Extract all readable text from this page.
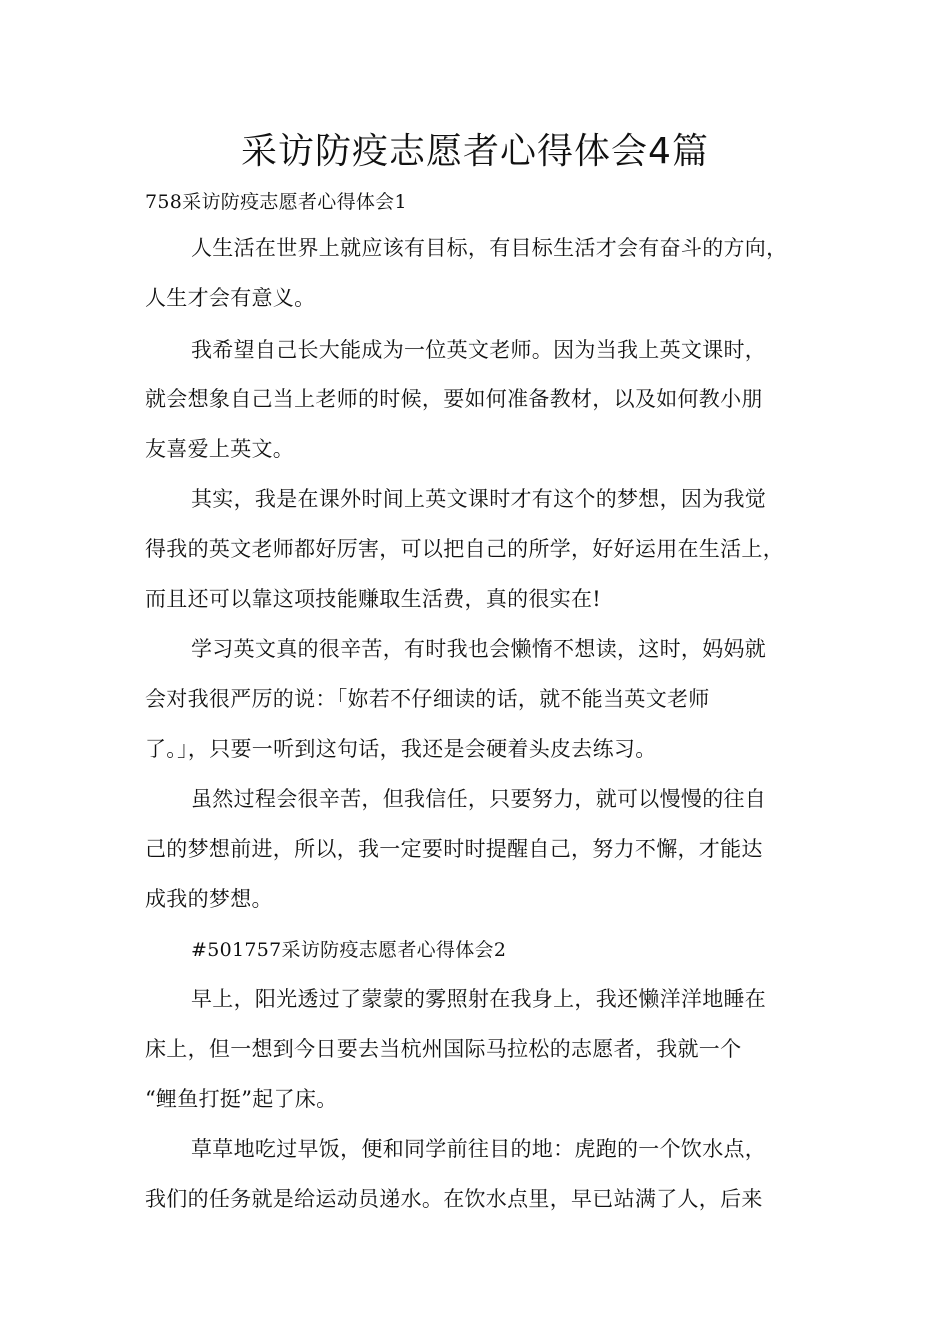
采访防疫志愿者心得体会4篇
758采访防疫志愿者心得体会1
人生活在世界上就应该有目标，有目标生活才会有奋斗的方向，
人生才会有意义。
我希望自己长大能成为一位英文老师。因为当我上英文课时，
就会想象自己当上老师的时候，要如何准备教材，以及如何教小朋
友喜爱上英文。
其实，我是在课外时间上英文课时才有这个的梦想，因为我觉
得我的英文老师都好厉害，可以把自己的所学，好好运用在生活上，
而且还可以靠这项技能赚取生活费，真的很实在!
学习英文真的很辛苦，有时我也会懒惰不想读，这时，妈妈就
会对我很严厉的说：「妳若不仔细读的话，就不能当英文老师
了。」，只要一听到这句话，我还是会硬着头皮去练习。
虽然过程会很辛苦，但我信任，只要努力，就可以慢慢的往自
己的梦想前进，所以，我一定要时时提醒自己，努力不懈，才能达
成我的梦想。
#501757采访防疫志愿者心得体会2
早上，阳光透过了蒙蒙的雾照射在我身上，我还懒洋洋地睡在
床上，但一想到今日要去当杭州国际马拉松的志愿者，我就一个
“鲤鱼打挺”起了床。
草草地吃过早饭，便和同学前往目的地：虎跑的一个饮水点，
我们的任务就是给运动员递水。在饮水点里，早已站满了人，后来
